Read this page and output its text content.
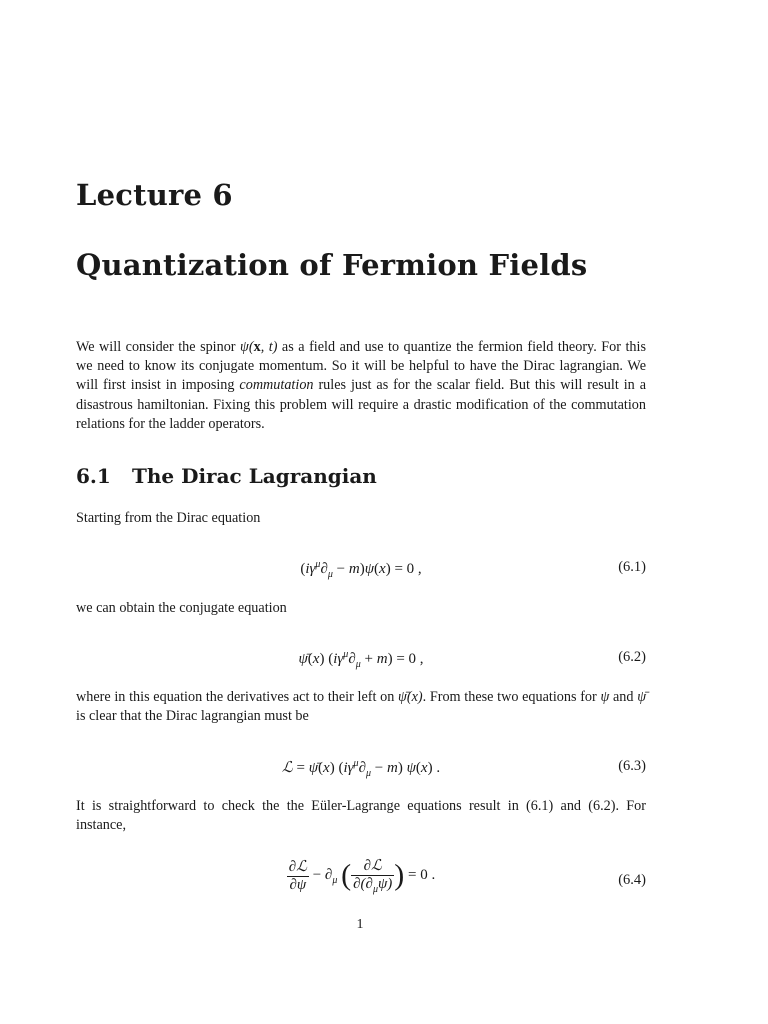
Lecture 6
Quantization of Fermion Fields
We will consider the spinor ψ(x, t) as a field and use to quantize the fermion field theory. For this we need to know its conjugate momentum. So it will be helpful to have the Dirac lagrangian. We will first insist in imposing commutation rules just as for the scalar field. But this will result in a disastrous hamiltonian. Fixing this problem will require a drastic modification of the commutation relations for the ladder operators.
6.1 The Dirac Lagrangian
Starting from the Dirac equation
$(i\gamma^\mu\partial_\mu - m)\psi(x) = 0$ ,	(6.1)
we can obtain the conjugate equation
ψ̄(x) $(i\gamma^\mu\partial_\mu + m) = 0$ ,	(6.2)
where in this equation the derivatives act to their left on ψ̄(x). From these two equations for ψ and ψ̄ is clear that the Dirac lagrangian must be
ℒ = ψ̄(x) $(i\gamma^\mu\partial_\mu - m)$ ψ(x) .	(6.3)
It is straightforward to check the the Eüler-Lagrange equations result in (6.1) and (6.2). For instance,
$\frac{\text{∂ℒ}}{\partial\psi} - \partial_\mu$ ( $\frac{\text{∂ℒ}}{\partial(\partial_\mu\psi)}$ ) = 0 .	(6.4)
1
